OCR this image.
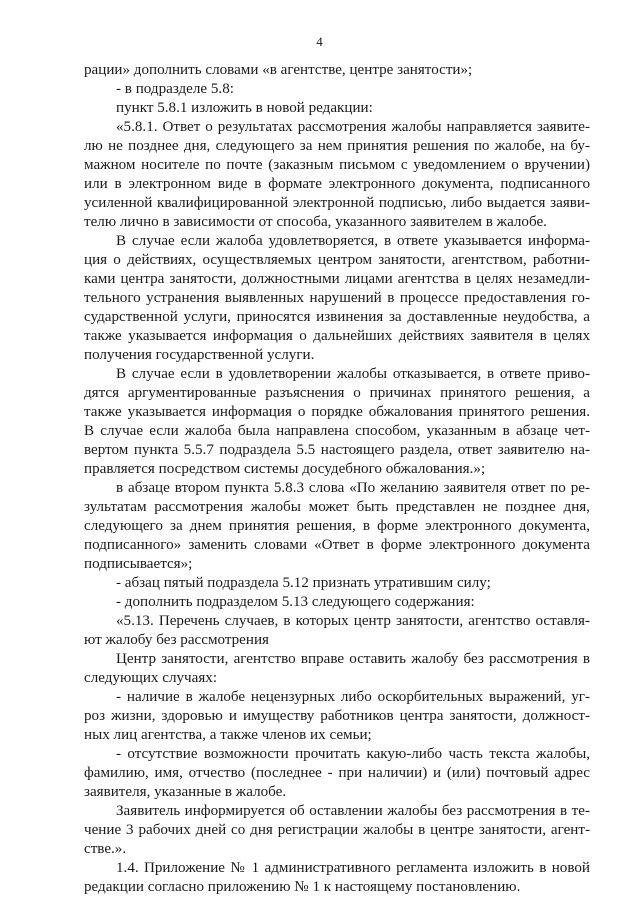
4
рации» дополнить словами «в агентстве, центре занятости»;
- в подразделе 5.8:
пункт 5.8.1 изложить в новой редакции:
«5.8.1. Ответ о результатах рассмотрения жалобы направляется заявите-
лю не позднее дня, следующего за нем принятия решения по жалобе, на бу-
мажном носителе по почте (заказным письмом с уведомлением о вручении)
или в электронном виде в формате электронного документа, подписанного
усиленной квалифицированной электронной подписью, либо выдается заяви-
телю лично в зависимости от способа, указанного заявителем в жалобе.
В случае если жалоба удовлетворяется, в ответе указывается информа-
ция о действиях, осуществляемых центром занятости, агентством, работни-
ками центра занятости, должностными лицами агентства в целях незамедли-
тельного устранения выявленных нарушений в процессе предоставления го-
сударственной услуги, приносятся извинения за доставленные неудобства, а
также указывается информация о дальнейших действиях заявителя в целях
получения государственной услуги.
В случае если в удовлетворении жалобы отказывается, в ответе приво-
дятся аргументированные разъяснения о причинах принятого решения, а
также указывается информация о порядке обжалования принятого решения.
В случае если жалоба была направлена способом, указанным в абзаце чет-
вертом пункта 5.5.7 подраздела 5.5 настоящего раздела, ответ заявителю на-
правляется посредством системы досудебного обжалования.»;
в абзаце втором пункта 5.8.3 слова «По желанию заявителя ответ по ре-
зультатам рассмотрения жалобы может быть представлен не позднее дня,
следующего за днем принятия решения, в форме электронного документа,
подписанного» заменить словами «Ответ в форме электронного документа
подписывается»;
- абзац пятый подраздела 5.12 признать утратившим силу;
- дополнить подразделом 5.13 следующего содержания:
«5.13. Перечень случаев, в которых центр занятости, агентство оставля-
ют жалобу без рассмотрения
Центр занятости, агентство вправе оставить жалобу без рассмотрения в
следующих случаях:
- наличие в жалобе нецензурных либо оскорбительных выражений, уг-
роз жизни, здоровью и имуществу работников центра занятости, должност-
ных лиц агентства, а также членов их семьи;
- отсутствие возможности прочитать какую-либо часть текста жалобы,
фамилию, имя, отчество (последнее - при наличии) и (или) почтовый адрес
заявителя, указанные в жалобе.
Заявитель информируется об оставлении жалобы без рассмотрения в те-
чение 3 рабочих дней со дня регистрации жалобы в центре занятости, агент-
стве.».
1.4. Приложение № 1 административного регламента изложить в новой
редакции согласно приложению № 1 к настоящему постановлению.
